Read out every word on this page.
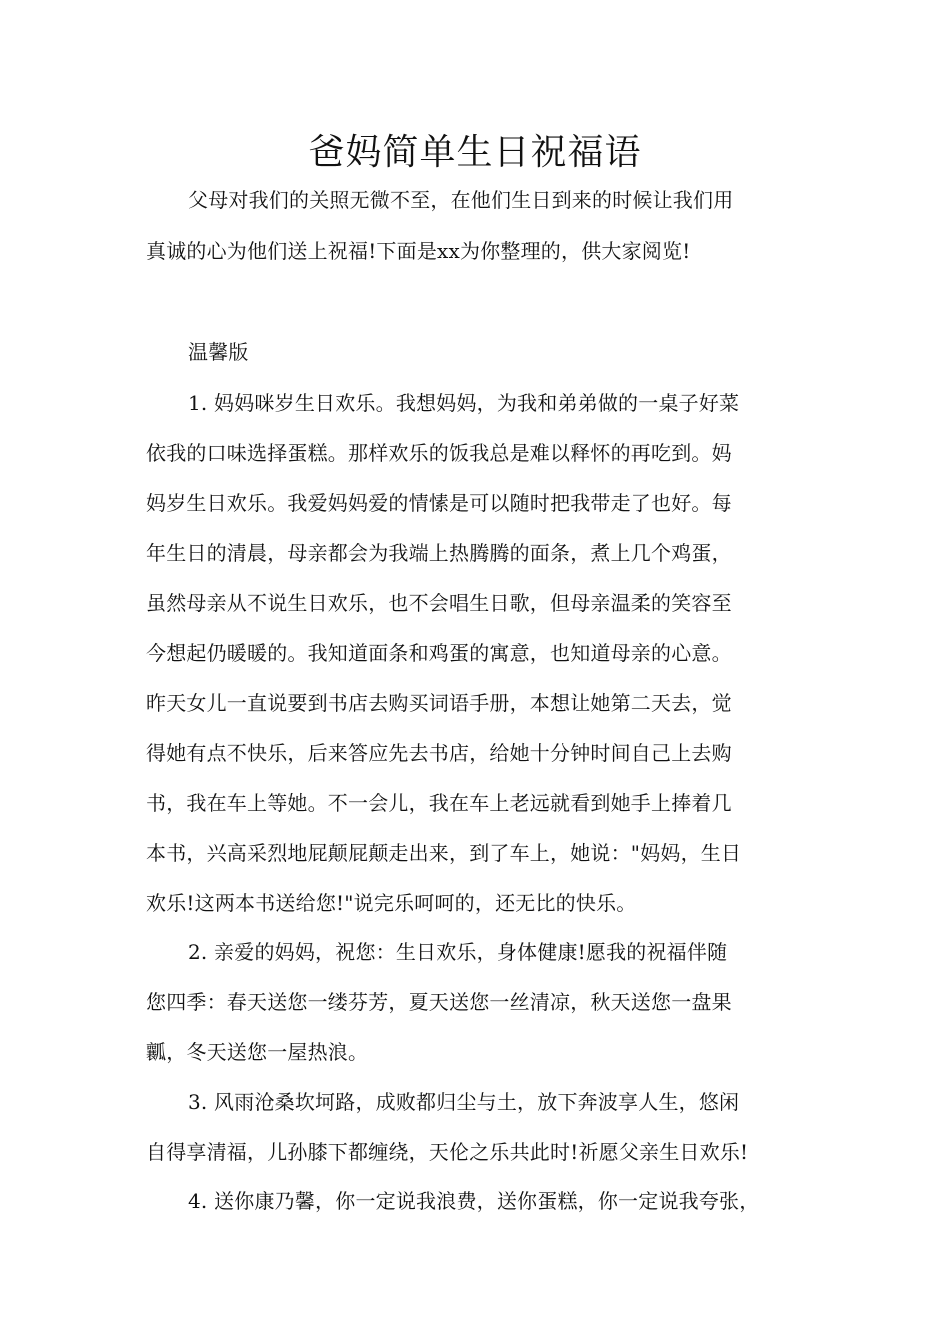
爸妈简单生日祝福语
父母对我们的关照无微不至，在他们生日到来的时候让我们用
真诚的心为他们送上祝福!下面是xx为你整理的，供大家阅览!
温馨版
1. 妈妈咪岁生日欢乐。我想妈妈，为我和弟弟做的一桌子好菜
依我的口味选择蛋糕。那样欢乐的饭我总是难以释怀的再吃到。妈
妈岁生日欢乐。我爱妈妈爱的情愫是可以随时把我带走了也好。每
年生日的清晨，母亲都会为我端上热腾腾的面条，煮上几个鸡蛋，
虽然母亲从不说生日欢乐，也不会唱生日歌，但母亲温柔的笑容至
今想起仍暖暖的。我知道面条和鸡蛋的寓意，也知道母亲的心意。
昨天女儿一直说要到书店去购买词语手册，本想让她第二天去，觉
得她有点不快乐，后来答应先去书店，给她十分钟时间自己上去购
书，我在车上等她。不一会儿，我在车上老远就看到她手上捧着几
本书，兴高采烈地屁颠屁颠走出来，到了车上，她说："妈妈，生日
欢乐!这两本书送给您!"说完乐呵呵的，还无比的快乐。
2. 亲爱的妈妈，祝您：生日欢乐，身体健康!愿我的祝福伴随
您四季：春天送您一缕芬芳，夏天送您一丝清凉，秋天送您一盘果
瓤，冬天送您一屋热浪。
3. 风雨沧桑坎坷路，成败都归尘与土，放下奔波享人生，悠闲
自得享清福，儿孙膝下都缠绕，天伦之乐共此时!祈愿父亲生日欢乐!
4. 送你康乃馨，你一定说我浪费，送你蛋糕，你一定说我夸张，
